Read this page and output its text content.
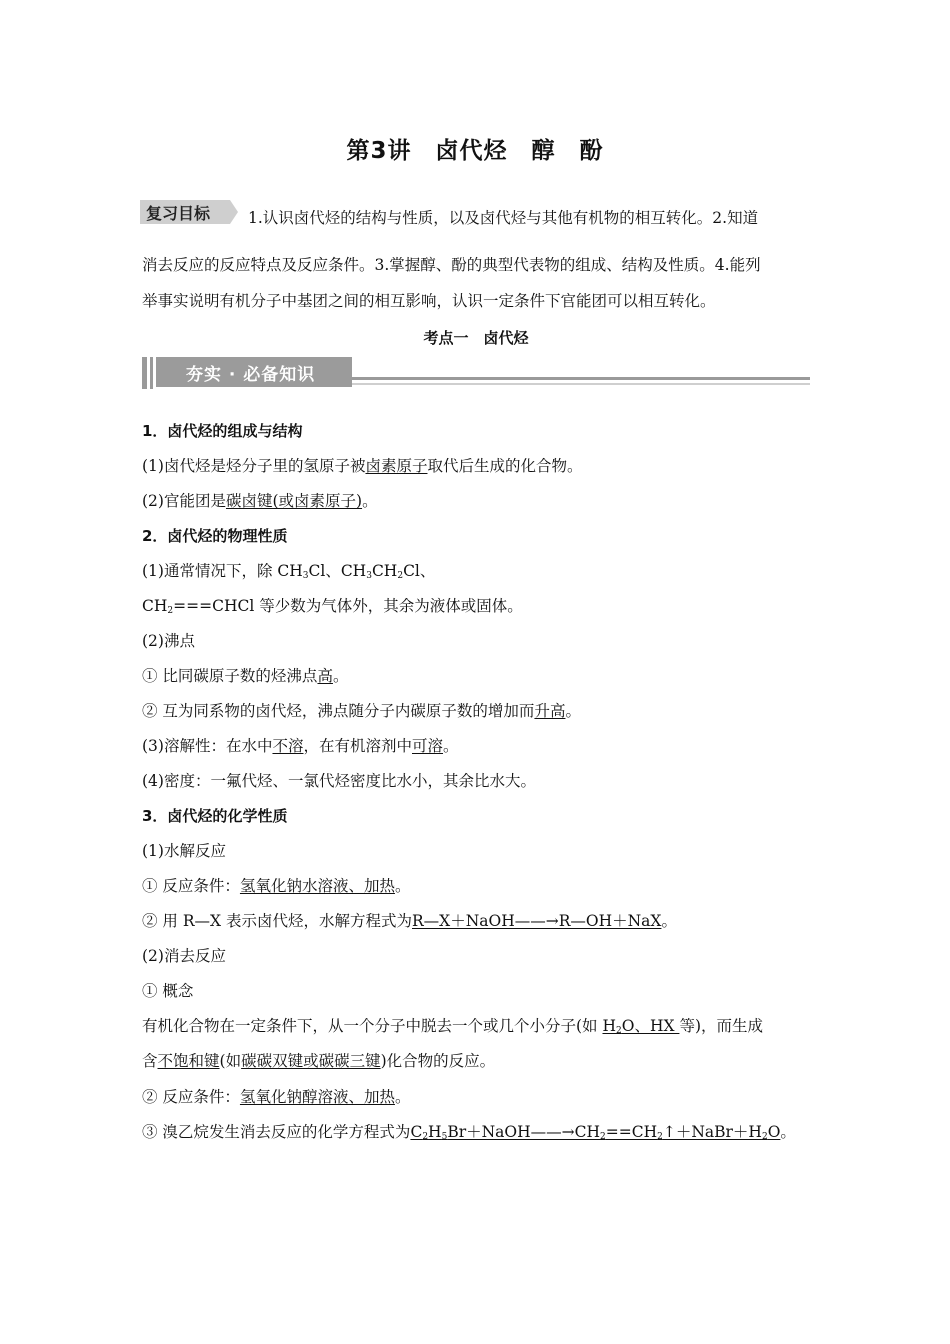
第3讲　卤代烃　醇　酚
复习目标 1.认识卤代烃的结构与性质，以及卤代烃与其他有机物的相互转化。2.知道
消去反应的反应特点及反应条件。3.掌握醇、酚的典型代表物的组成、结构及性质。4.能列
举事实说明有机分子中基团之间的相互影响，认识一定条件下官能团可以相互转化。
考点一　卤代烃
夯实 · 必备知识
1．卤代烃的组成与结构
(1)卤代烃是烃分子里的氢原子被卤素原子取代后生成的化合物。
(2)官能团是碳卤键(或卤素原子)。
2．卤代烃的物理性质
(1)通常情况下，除 $CH_3Cl$、$CH_3CH_2Cl$、
$CH_2===CHCl$ 等少数为气体外，其余为液体或固体。
(2)沸点
① 比同碳原子数的烃沸点高。
② 互为同系物的卤代烃，沸点随分子内碳原子数的增加而升高。
(3)溶解性：在水中不溶，在有机溶剂中可溶。
(4)密度：一氟代烃、一氯代烃密度比水小，其余比水大。
3．卤代烃的化学性质
(1)水解反应
① 反应条件：氢氧化钠水溶液、加热。
② 用 R—X 表示卤代烃，水解方程式为R—X＋NaOH——→R—OH＋NaX。
(2)消去反应
① 概念
有机化合物在一定条件下，从一个分子中脱去一个或几个小分子(如 $H_2O$、HX 等)，而生成
含不饱和键(如碳碳双键或碳碳三键)化合物的反应。
② 反应条件：氢氧化钠醇溶液、加热。
③ 溴乙烷发生消去反应的化学方程式为$C_2H_5Br+NaOH——\to CH_2==CH_2↑+NaBr+H_2O$。
